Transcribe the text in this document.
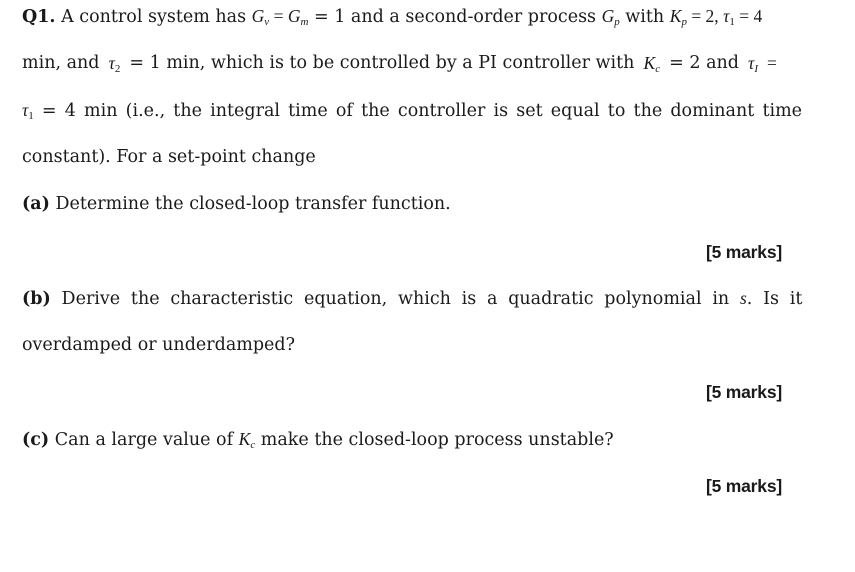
Q1. A control system has $G_v = G_m = 1$ and a second-order process $G_p$ with $K_p = 2$, $\tau_1 = 4$
min, and $\tau_2 = 1$ min, which is to be controlled by a PI controller with $K_c = 2$ and $\tau_I$ =
$\tau_1 = 4$ min (i.e., the integral time of the controller is set equal to the dominant time
constant). For a set-point change
(a) Determine the closed-loop transfer function.
[5 marks]
(b) Derive the characteristic equation, which is a quadratic polynomial in s. Is it
overdamped or underdamped?
[5 marks]
(c) Can a large value of $K_c$ make the closed-loop process unstable?
[5 marks]
